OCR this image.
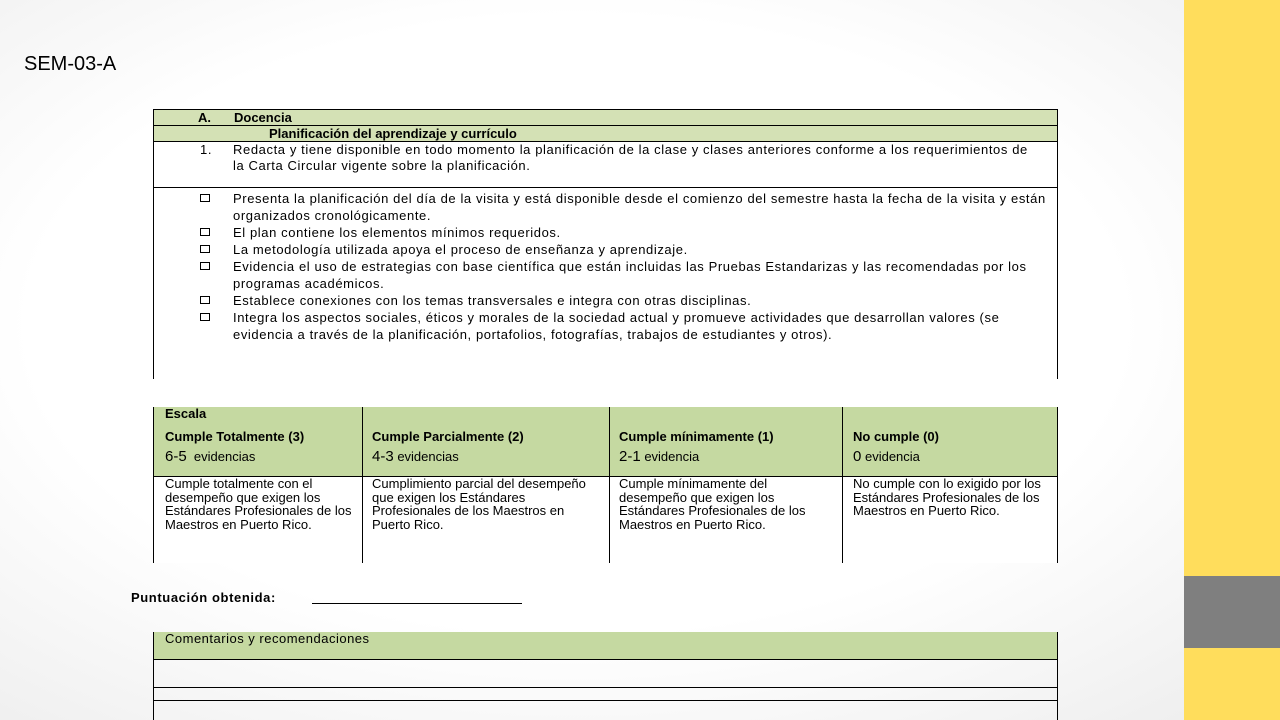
SEM-03-A
A. Docencia
Planificación del aprendizaje y currículo
1. Redacta y tiene disponible en todo momento la planificación de la clase y clases anteriores conforme a los requerimientos de la Carta Circular vigente sobre la planificación.
Presenta la planificación del día de la visita y está disponible desde el comienzo del semestre hasta la fecha de la visita y están organizados cronológicamente.
El plan contiene los elementos mínimos requeridos.
La metodología utilizada apoya el proceso de enseñanza y aprendizaje.
Evidencia el uso de estrategias con base científica que están incluidas las Pruebas Estandarizas y las recomendadas por los programas académicos.
Establece conexiones con los temas transversales e integra con otras disciplinas.
Integra los aspectos sociales, éticos y morales de la sociedad actual y promueve actividades que desarrollan valores (se evidencia a través de la planificación, portafolios, fotografías, trabajos de estudiantes y otros).
Escala
Cumple Totalmente (3)
6-5 evidencias
Cumple totalmente con el desempeño que exigen los Estándares Profesionales de los Maestros en Puerto Rico.
Cumple Parcialmente (2)
4-3 evidencias
Cumplimiento parcial del desempeño que exigen los Estándares Profesionales de los Maestros en Puerto Rico.
Cumple mínimamente (1)
2-1 evidencia
Cumple mínimamente del desempeño que exigen los Estándares Profesionales de los Maestros en Puerto Rico.
No cumple (0)
0 evidencia
No cumple con lo exigido por los Estándares Profesionales de los Maestros en Puerto Rico.
Puntuación obtenida:
Comentarios y recomendaciones
